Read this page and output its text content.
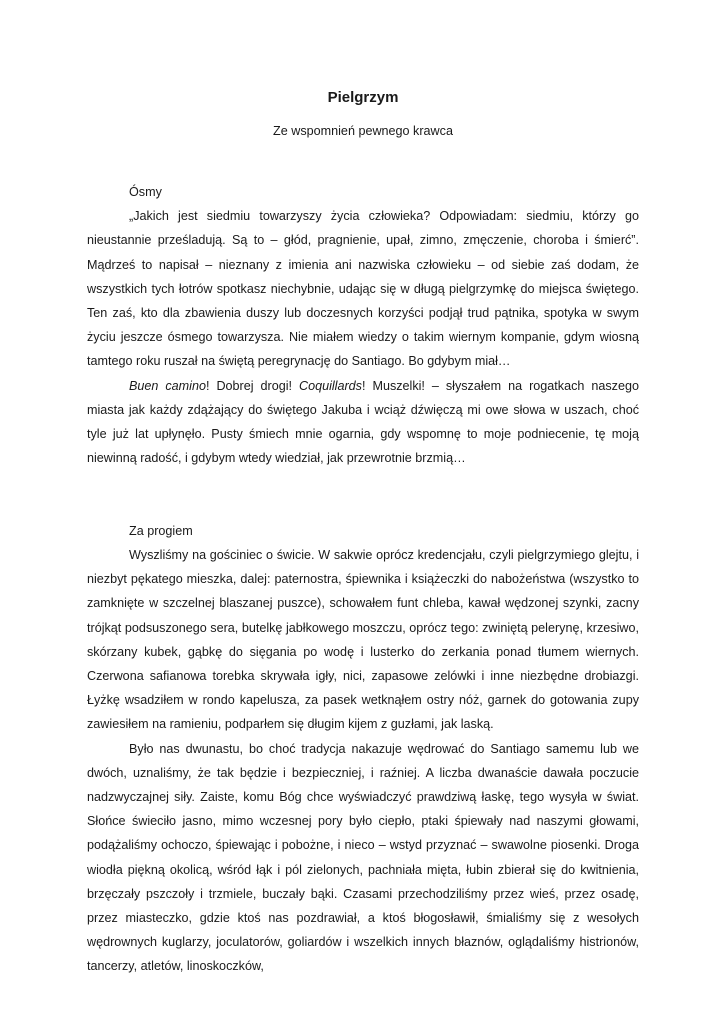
Pielgrzym

Ze wspomnień pewnego krawca

Ósmy

„Jakich jest siedmiu towarzyszy życia człowieka? Odpowiadam: siedmiu, którzy go nieustannie prześladują. Są to – głód, pragnienie, upał, zimno, zmęczenie, choroba i śmierć”. Mądrześ to napisał – nieznany z imienia ani nazwiska człowieku – od siebie zaś dodam, że wszystkich tych łotrów spotkasz niechybnie, udając się w długą pielgrzymkę do miejsca świętego. Ten zaś, kto dla zbawienia duszy lub doczesnych korzyści podjął trud pątnika, spotyka w swym życiu jeszcze ósmego towarzysza. Nie miałem wiedzy o takim wiernym kompanie, gdym wiosną tamtego roku ruszał na świętą peregrynację do Santiago. Bo gdybym miał…

Buen camino! Dobrej drogi! Coquillards! Muszelki! – słyszałem na rogatkach naszego miasta jak każdy zdążający do świętego Jakuba i wciąż dźwięczą mi owe słowa w uszach, choć tyle już lat upłynęło. Pusty śmiech mnie ogarnia, gdy wspomnę to moje podniecenie, tę moją niewinną radość, i gdybym wtedy wiedział, jak przewrotnie brzmią…

Za progiem

Wyszliśmy na gościniec o świcie. W sakwie oprócz kredencjału, czyli pielgrzymiego glejtu, i niezbyt pękatego mieszka, dalej: paternostra, śpiewnika i książeczki do nabożeństwa (wszystko to zamknięte w szczelnej blaszanej puszce), schowałem funt chleba, kawał wędzonej szynki, zacny trójkąt podsuszonego sera, butelkę jabłkowego moszczu, oprócz tego: zwiniętą pelerynę, krzesiwo, skórzany kubek, gąbkę do sięgania po wodę i lusterko do zerkania ponad tłumem wiernych. Czerwona safianowa torebka skrywała igły, nici, zapasowe zelówki i inne niezbędne drobiazgi. Łyżkę wsadziłem w rondo kapelusza, za pasek wetknąłem ostry nóż, garnek do gotowania zupy zawiesiłem na ramieniu, podparłem się długim kijem z guzłami, jak laską.

Było nas dwunastu, bo choć tradycja nakazuje wędrować do Santiago samemu lub we dwóch, uznaliśmy, że tak będzie i bezpieczniej, i raźniej. A liczba dwanaście dawała poczucie nadzwyczajnej siły. Zaiste, komu Bóg chce wyświadczyć prawdziwą łaskę, tego wysyła w świat. Słońce świeciło jasno, mimo wczesnej pory było ciepło, ptaki śpiewały nad naszymi głowami, podążaliśmy ochoczo, śpiewając i pobożne, i nieco – wstyd przyznać – swawolne piosenki. Droga wiodła piękną okolicą, wśród łąk i pól zielonych, pachniała mięta, łubin zbierał się do kwitnienia, brzęczały pszczoły i trzmiele, buczały bąki. Czasami przechodziliśmy przez wieś, przez osadę, przez miasteczko, gdzie ktoś nas pozdrawiał, a ktoś błogosławił, śmialiśmy się z wesołych wędrownych kuglarzy, joculatorów, goliardów i wszelkich innych błaznów, oglądaliśmy histrionów, tancerzy, atletów, linoskoczków,
